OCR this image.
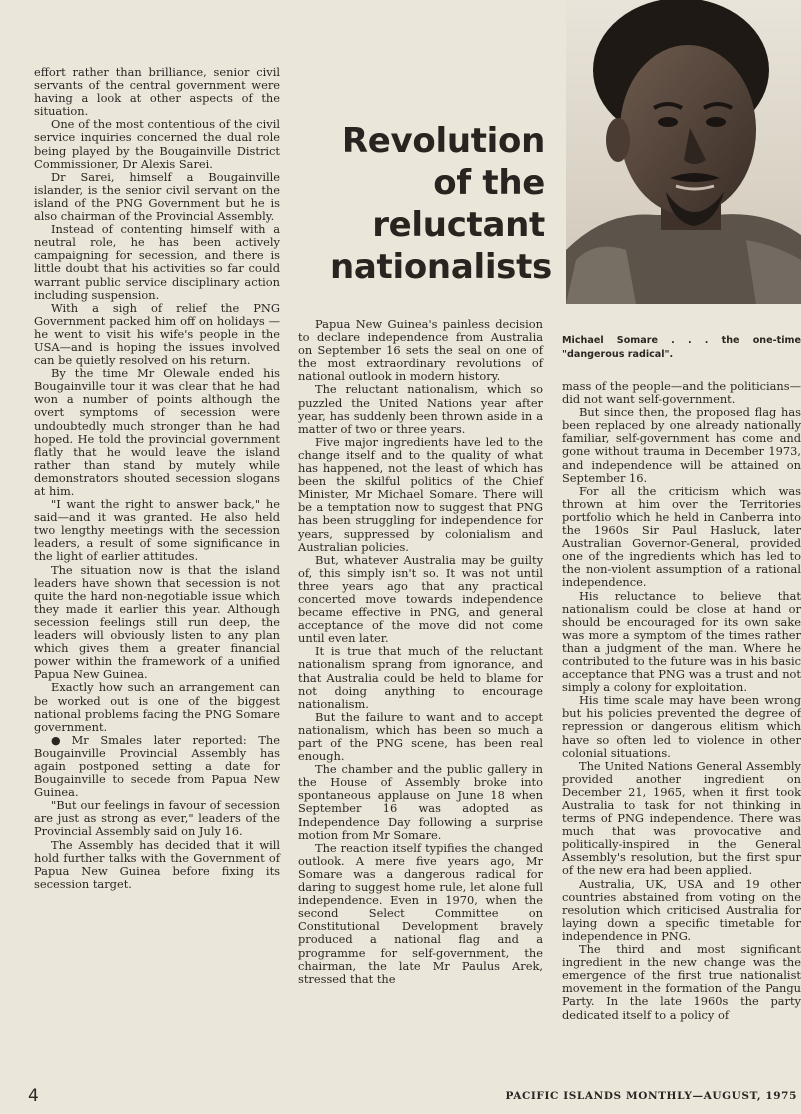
Revolution
of the
reluctant
nationalists
Michael Somare . . . the one-time "dangerous radical".

effort rather than brilliance, senior civil servants of the central government were having a look at other aspects of the situation.

One of the most contentious of the civil service inquiries concerned the dual role being played by the Bougainville District Commissioner, Dr Alexis Sarei.

Dr Sarei, himself a Bougainville islander, is the senior civil servant on the island of the PNG Government but he is also chairman of the Provincial Assembly.

Instead of contenting himself with a neutral role, he has been actively campaigning for secession, and there is little doubt that his activities so far could warrant public service disciplinary action including suspension.

With a sigh of relief the PNG Government packed him off on holidays —he went to visit his wife's people in the USA—and is hoping the issues involved can be quietly resolved on his return.

By the time Mr Olewale ended his Bougainville tour it was clear that he had won a number of points although the overt symptoms of secession were undoubtedly much stronger than he had hoped. He told the provincial government flatly that he would leave the island rather than stand by mutely while demonstrators shouted secession slogans at him.

"I want the right to answer back," he said—and it was granted. He also held two lengthy meetings with the secession leaders, a result of some significance in the light of earlier attitudes.

The situation now is that the island leaders have shown that secession is not quite the hard non-negotiable issue which they made it earlier this year. Although secession feelings still run deep, the leaders will obviously listen to any plan which gives them a greater financial power within the framework of a unified Papua New Guinea.

Exactly how such an arrangement can be worked out is one of the biggest national problems facing the PNG Somare government.

● Mr Smales later reported: The Bougainville Provincial Assembly has again postponed setting a date for Bougainville to secede from Papua New Guinea.

"But our feelings in favour of secession are just as strong as ever," leaders of the Provincial Assembly said on July 16.

The Assembly has decided that it will hold further talks with the Government of Papua New Guinea before fixing its secession target.

Papua New Guinea's painless decision to declare independence from Australia on September 16 sets the seal on one of the most extraordinary revolutions of national outlook in modern history.

The reluctant nationalism, which so puzzled the United Nations year after year, has suddenly been thrown aside in a matter of two or three years.

Five major ingredients have led to the change itself and to the quality of what has happened, not the least of which has been the skilful politics of the Chief Minister, Mr Michael Somare. There will be a temptation now to suggest that PNG has been struggling for independence for years, suppressed by colonialism and Australian policies.

But, whatever Australia may be guilty of, this simply isn't so. It was not until three years ago that any practical concerted move towards independence became effective in PNG, and general acceptance of the move did not come until even later.

It is true that much of the reluctant nationalism sprang from ignorance, and that Australia could be held to blame for not doing anything to encourage nationalism.

But the failure to want and to accept nationalism, which has been so much a part of the PNG scene, has been real enough.

The chamber and the public gallery in the House of Assembly broke into spontaneous applause on June 18 when September 16 was adopted as Independence Day following a surprise motion from Mr Somare.

The reaction itself typifies the changed outlook. A mere five years ago, Mr Somare was a dangerous radical for daring to suggest home rule, let alone full independence. Even in 1970, when the second Select Committee on Constitutional Development bravely produced a national flag and a programme for self-government, the chairman, the late Mr Paulus Arek, stressed that the

mass of the people—and the politicians—did not want self-government.

But since then, the proposed flag has been replaced by one already nationally familiar, self-government has come and gone without trauma in December 1973, and independence will be attained on September 16.

For all the criticism which was thrown at him over the Territories portfolio which he held in Canberra into the 1960s Sir Paul Hasluck, later Australian Governor-General, provided one of the ingredients which has led to the non-violent assumption of a rational independence.

His reluctance to believe that nationalism could be close at hand or should be encouraged for its own sake was more a symptom of the times rather than a judgment of the man. Where he contributed to the future was in his basic acceptance that PNG was a trust and not simply a colony for exploitation.

His time scale may have been wrong but his policies prevented the degree of repression or dangerous elitism which have so often led to violence in other colonial situations.

The United Nations General Assembly provided another ingredient on December 21, 1965, when it first took Australia to task for not thinking in terms of PNG independence. There was much that was provocative and politically-inspired in the General Assembly's resolution, but the first spur of the new era had been applied.

Australia, UK, USA and 19 other countries abstained from voting on the resolution which criticised Australia for laying down a specific timetable for independence in PNG.

The third and most significant ingredient in the new change was the emergence of the first true nationalist movement in the formation of the Pangu Party. In the late 1960s the party dedicated itself to a policy of

4	PACIFIC ISLANDS MONTHLY—AUGUST, 1975
